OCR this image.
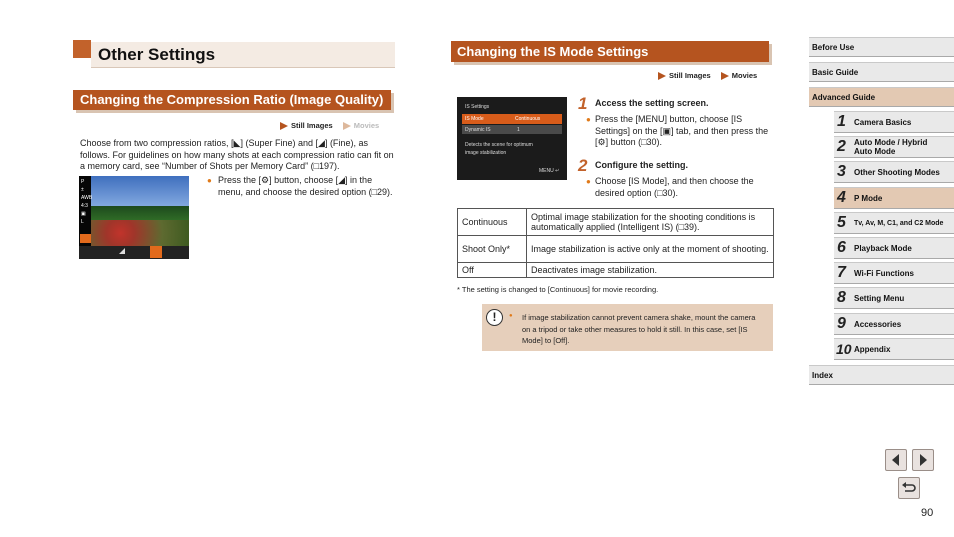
Other Settings
Changing the Compression Ratio (Image Quality)
Still Images	Movies
Choose from two compression ratios, [◣] (Super Fine) and [◢] (Fine), as follows. For guidelines on how many shots at each compression ratio can fit on a memory card, see “Number of Shots per Memory Card” (□197).
P
±
AWB
4:3
▣
L
● Press the [⚙] button, choose [◢] in the menu, and choose the desired option (□29).
Changing the IS Mode Settings
Still Images	Movies
IS Settings
IS Mode	Continuous
Dynamic IS	1
Detects the scene for optimum image stabilization
MENU ↵
1 Access the setting screen.
● Press the [MENU] button, choose [IS Settings] on the [▣] tab, and then press the [⚙] button (□30).
2 Configure the setting.
● Choose [IS Mode], and then choose the desired option (□30).
Continuous	Optimal image stabilization for the shooting conditions is automatically applied (Intelligent IS) (□39).
Shoot Only*	Image stabilization is active only at the moment of shooting.
Off	Deactivates image stabilization.
* The setting is changed to [Continuous] for movie recording.
!	● If image stabilization cannot prevent camera shake, mount the camera on a tripod or take other measures to hold it still. In this case, set [IS Mode] to [Off].
Before Use
Basic Guide
Advanced Guide
1 Camera Basics
2 Auto Mode / Hybrid Auto Mode
3 Other Shooting Modes
4 P Mode
5 Tv, Av, M, C1, and C2 Mode
6 Playback Mode
7 Wi-Fi Functions
8 Setting Menu
9 Accessories
10 Appendix
Index
90
